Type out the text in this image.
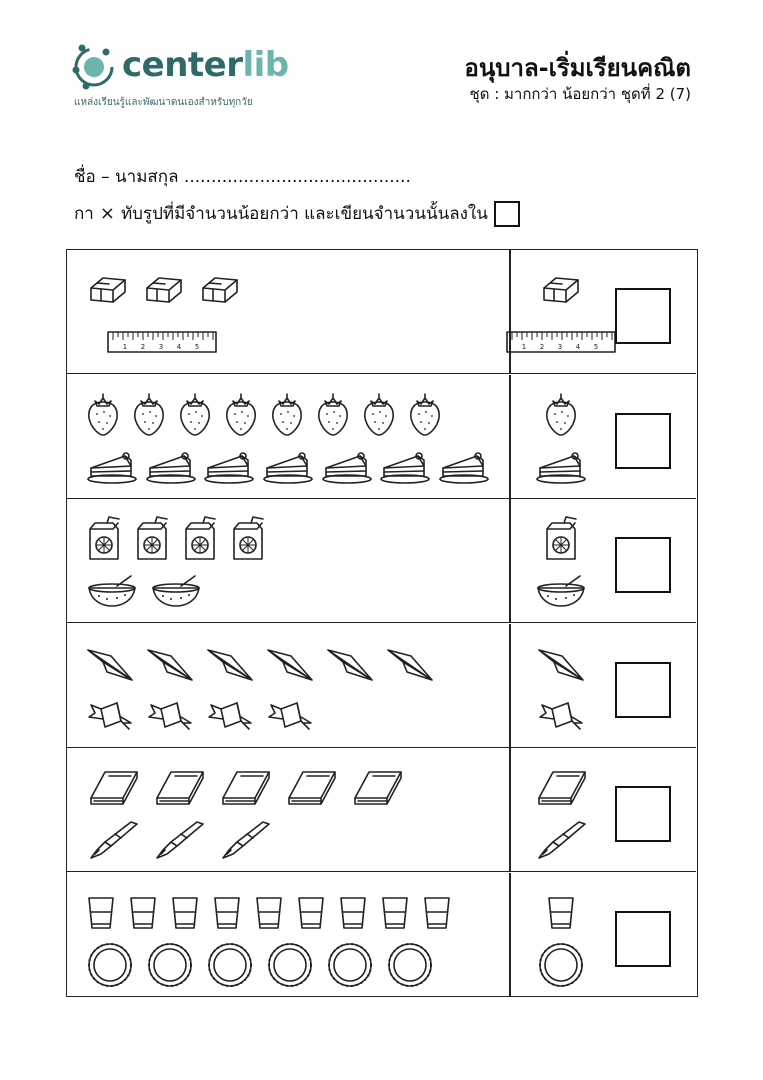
centerlib
แหล่งเรียนรู้และพัฒนาตนเองสำหรับทุกวัย
อนุบาล-เริ่มเรียนคณิต
ชุด : มากกว่า น้อยกว่า ชุดที่ 2 (7)
ชื่อ – นามสกุล ..........................................
กา × ทับรูปที่มีจำนวนน้อยกว่า และเขียนจำนวนนั้นลงใน
1 2 3 4 5	1 2 3 4 5
